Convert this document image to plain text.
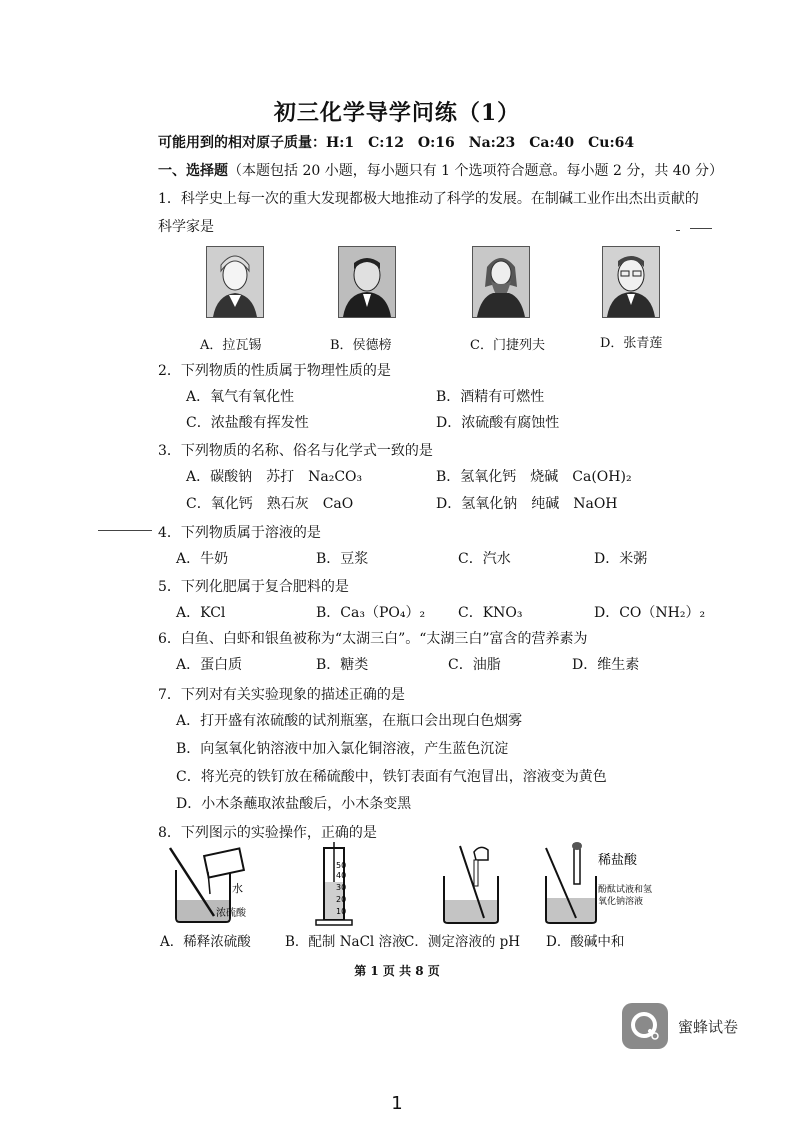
初三化学导学问练（1）
可能用到的相对原子质量：H:1　C:12　O:16　Na:23　Ca:40　Cu:64
一、选择题（本题包括 20 小题，每小题只有 1 个选项符合题意。每小题 2 分，共 40 分）
1．科学史上每一次的重大发现都极大地推动了科学的发展。在制碱工业作出杰出贡献的
科学家是
A．拉瓦锡	B．侯德榜	C．门捷列夫	D．张青莲
2．下列物质的性质属于物理性质的是
A．氧气有氧化性	B．酒精有可燃性
C．浓盐酸有挥发性	D．浓硫酸有腐蚀性
3．下列物质的名称、俗名与化学式一致的是
A．碳酸钠　苏打　Na₂CO₃	B．氢氧化钙　烧碱　Ca(OH)₂
C．氧化钙　熟石灰　CaO	D．氢氧化钠　纯碱　NaOH
4．下列物质属于溶液的是
A．牛奶	B．豆浆	C．汽水	D．米粥
5．下列化肥属于复合肥料的是
A．KCl	B．Ca₃（PO₄）₂ C．KNO₃	D．CO（NH₂）₂
6．白鱼、白虾和银鱼被称为“太湖三白”。“太湖三白”富含的营养素为
A．蛋白质	B．糖类	C．油脂	D．维生素
7．下列对有关实验现象的描述正确的是
A．打开盛有浓硫酸的试剂瓶塞，在瓶口会出现白色烟雾
B．向氢氧化钠溶液中加入氯化铜溶液，产生蓝色沉淀
C．将光亮的铁钉放在稀硫酸中，铁钉表面有气泡冒出，溶液变为黄色
D．小木条蘸取浓盐酸后，小木条变黑
8．下列图示的实验操作，正确的是
水
浓硫酸
50
40
30
20
10
稀盐酸
酚酞试液和氢
氧化钠溶液
A．稀释浓硫酸	B．配制 NaCl 溶液
C．测定溶液的 pH D．酸碱中和
第 1 页 共 8 页
蜜蜂试卷
1
